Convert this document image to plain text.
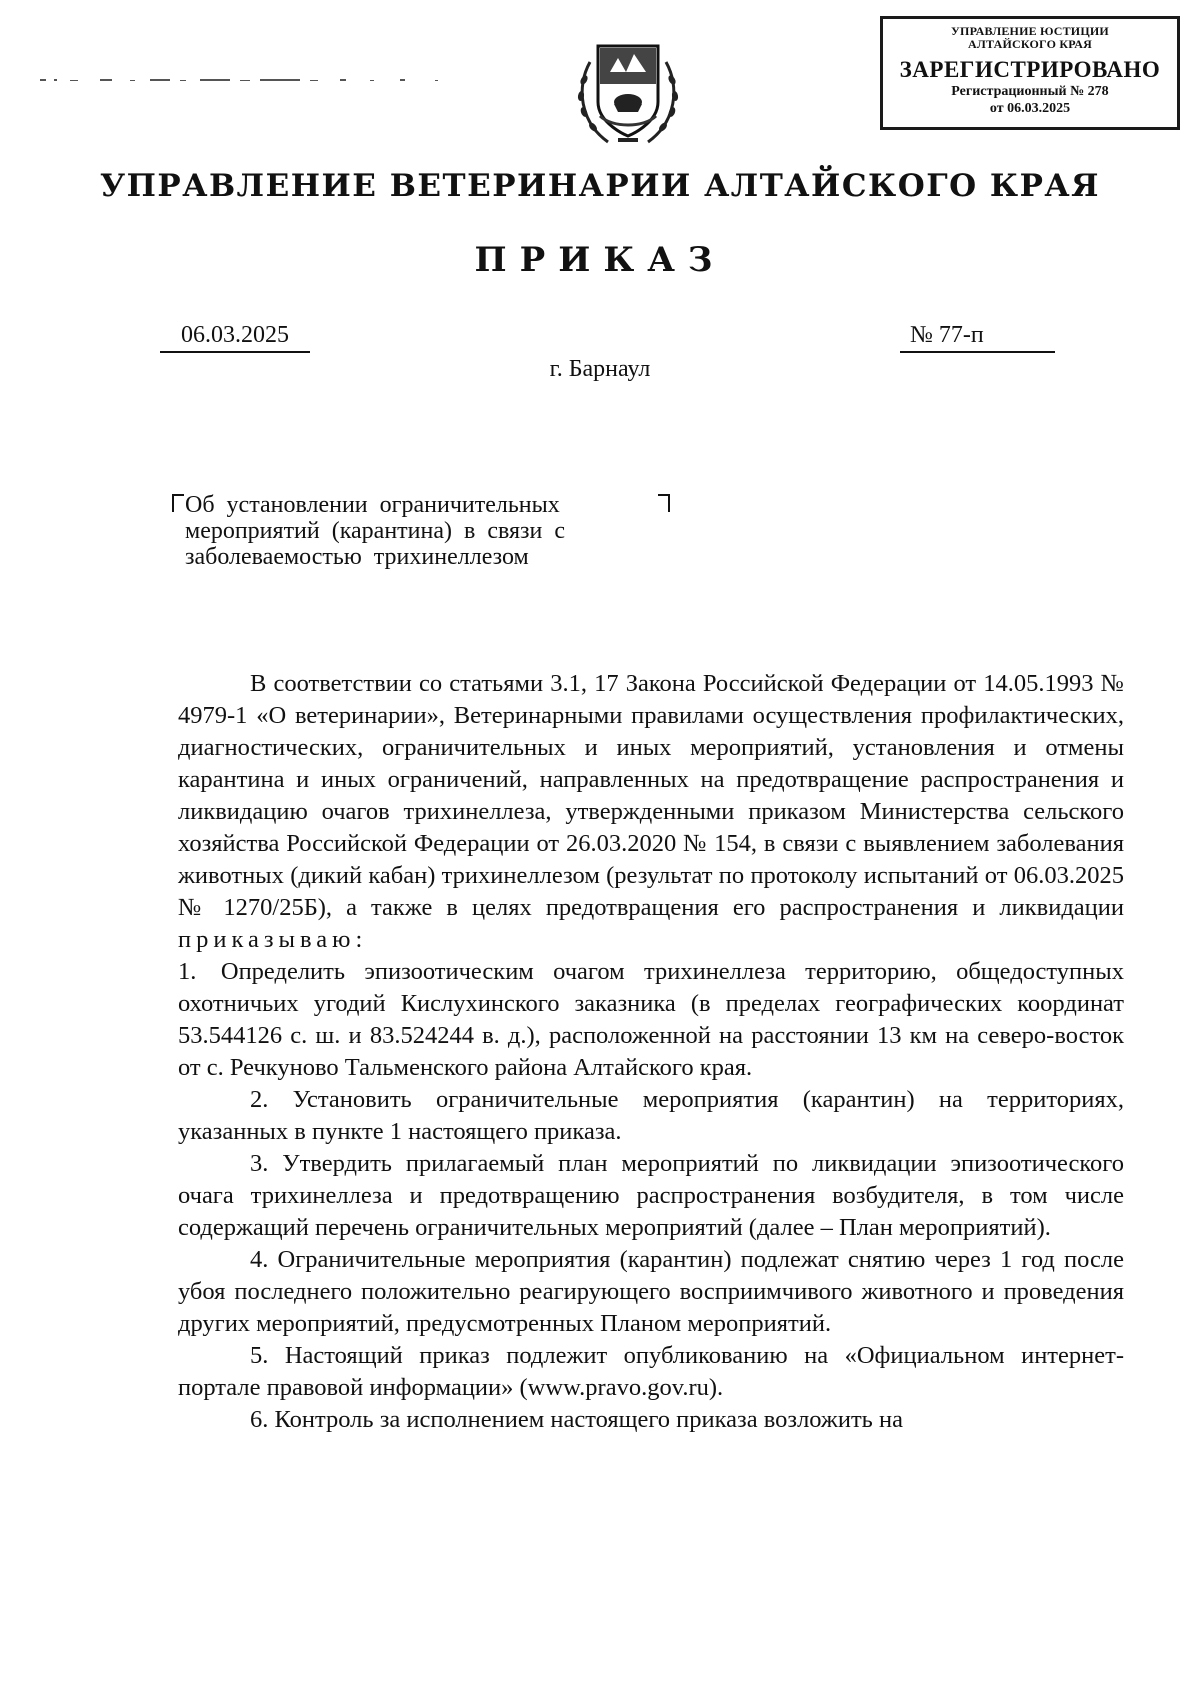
УПРАВЛЕНИЕ ЮСТИЦИИ
АЛТАЙСКОГО КРАЯ
ЗАРЕГИСТРИРОВАНО
Регистрационный № 278
от 06.03.2025
УПРАВЛЕНИЕ ВЕТЕРИНАРИИ АЛТАЙСКОГО КРАЯ
ПРИКАЗ
06.03.2025	№ 77-п
г. Барнаул
Об установлении ограничительных мероприятий (карантина) в связи с заболеваемостью трихинеллезом

В соответствии со статьями 3.1, 17 Закона Российской Федерации от 14.05.1993 № 4979-1 «О ветеринарии», Ветеринарными правилами осуществления профилактических, диагностических, ограничительных и иных мероприятий, установления и отмены карантина и иных ограничений, направленных на предотвращение распространения и ликвидацию очагов трихинеллеза, утвержденными приказом Министерства сельского хозяйства Российской Федерации от 26.03.2020 № 154, в связи с выявлением заболевания животных (дикий кабан) трихинеллезом (результат по протоколу испытаний от 06.03.2025 № 1270/25Б), а также в целях предотвращения его распространения и ликвидации приказываю:

1. Определить эпизоотическим очагом трихинеллеза территорию, общедоступных охотничьих угодий Кислухинского заказника (в пределах географических координат 53.544126 с. ш. и 83.524244 в. д.), расположенной на расстоянии 13 км на северо-восток от с. Речкуново Тальменского района Алтайского края.

2. Установить ограничительные мероприятия (карантин) на территориях, указанных в пункте 1 настоящего приказа.

3. Утвердить прилагаемый план мероприятий по ликвидации эпизоотического очага трихинеллеза и предотвращению распространения возбудителя, в том числе содержащий перечень ограничительных мероприятий (далее – План мероприятий).

4. Ограничительные мероприятия (карантин) подлежат снятию через 1 год после убоя последнего положительно реагирующего восприимчивого животного и проведения других мероприятий, предусмотренных Планом мероприятий.

5. Настоящий приказ подлежит опубликованию на «Официальном интернет-портале правовой информации» (www.pravo.gov.ru).

6. Контроль за исполнением настоящего приказа возложить на
